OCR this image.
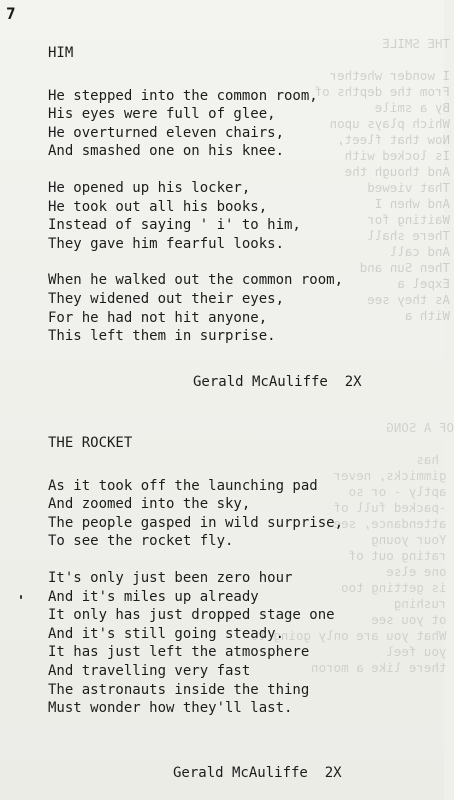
THE SMILE

I wonder whether
From the depths of
By a smile
Which plays upon
Now that fleet,
Is locked with
And though the
That viewed
And when I
Waiting for
There shall
And call
Then Sun and
Expel a
As they see
With a
OF A SONG

has
gimmicks, never
aptly - or so
-packed full of
attendance, see
Your young
rating out of
one else
is getting too
rushing
ot you see
What you are only going to
you feel
there like a moron
7
HIM
He stepped into the common room,
His eyes were full of glee,
He overturned eleven chairs,
And smashed one on his knee.
He opened up his locker,
He took out all his books,
Instead of saying ' i' to him,
They gave him fearful looks.
When he walked out the common room,
They widened out their eyes,
For he had not hit anyone,
This left them in surprise.
Gerald McAuliffe  2X
THE ROCKET
As it took off the launching pad
And zoomed into the sky,
The people gasped in wild surprise,
To see the rocket fly.
It's only just been zero hour
And it's miles up already
It only has just dropped stage one
And it's still going steady.
It has just left the atmosphere
And travelling very fast
The astronauts inside the thing
Must wonder how they'll last.
Gerald McAuliffe  2X
